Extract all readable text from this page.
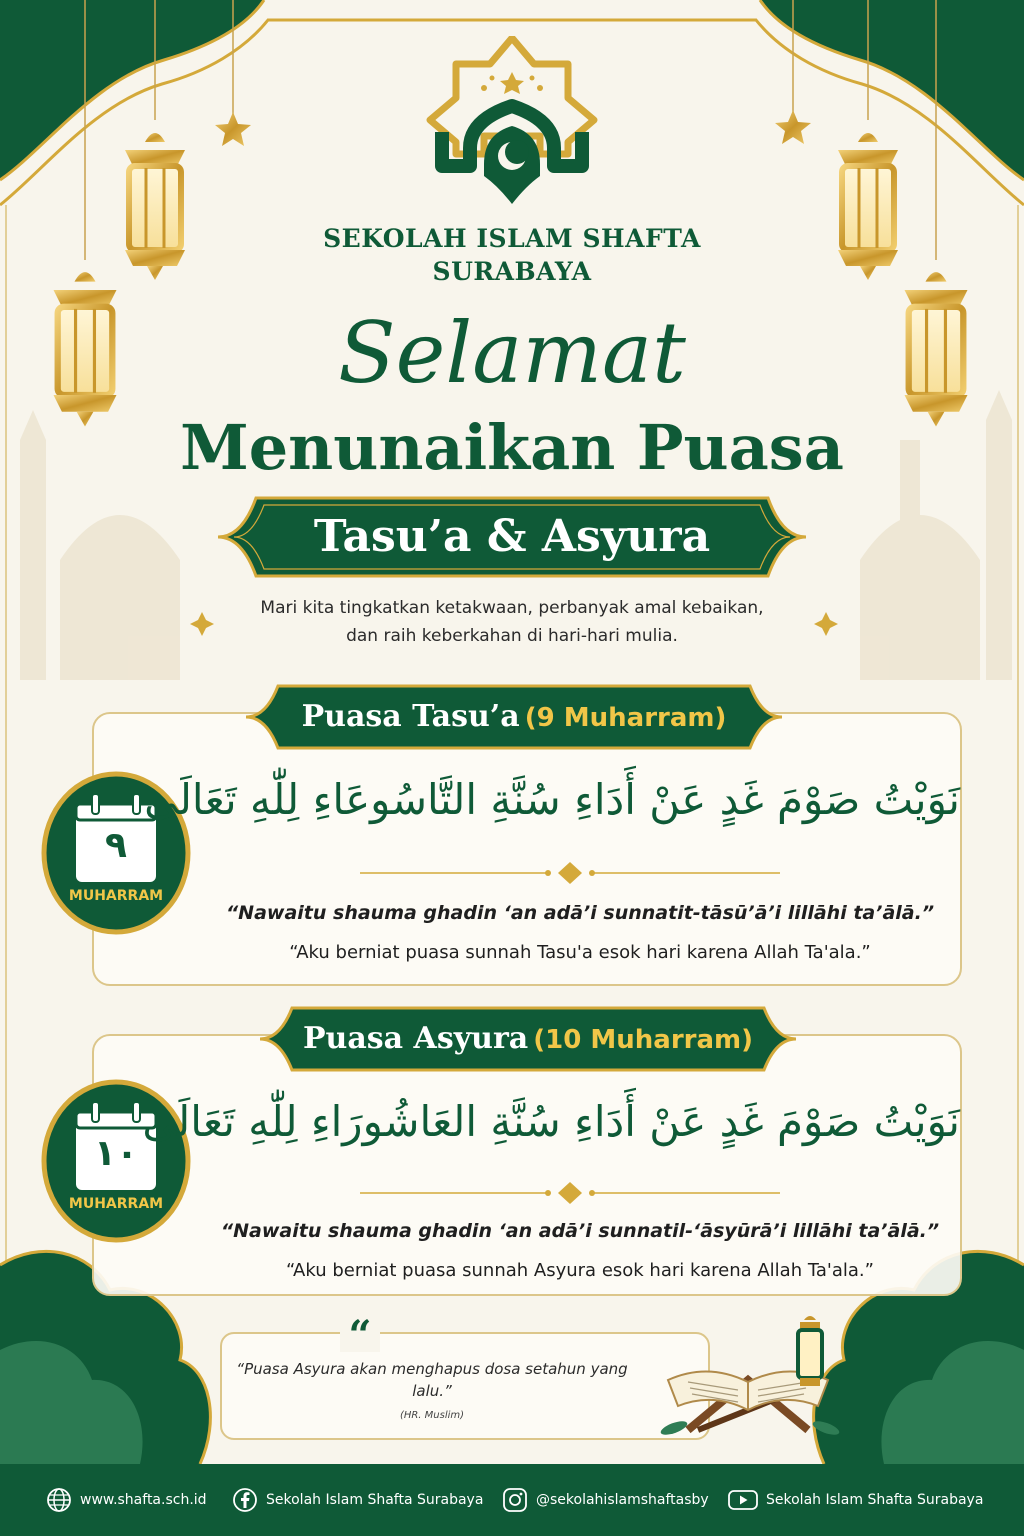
SEKOLAH ISLAM SHAFTA
SURABAYA
Selamat
Menunaikan Puasa
Tasu’a & Asyura
Mari kita tingkatkan ketakwaan, perbanyak amal kebaikan,
dan raih keberkahan di hari-hari mulia.
Puasa Tasu’a (9 Muharram)
٩
MUHARRAM
نَوَيْتُ صَوْمَ غَدٍ عَنْ أَدَاءِ سُنَّةِ التَّاسُوعَاءِ لِلّٰهِ تَعَالَى
“Nawaitu shauma ghadin ‘an adā’i sunnatit-tāsū’ā’i lillāhi ta’ālā.”
“Aku berniat puasa sunnah Tasu'a esok hari karena Allah Ta'ala.”
Puasa Asyura (10 Muharram)
١٠
MUHARRAM
نَوَيْتُ صَوْمَ غَدٍ عَنْ أَدَاءِ سُنَّةِ العَاشُورَاءِ لِلّٰهِ تَعَالَى
“Nawaitu shauma ghadin ‘an adā’i sunnatil-‘āsyūrā’i lillāhi ta’ālā.”
“Aku berniat puasa sunnah Asyura esok hari karena Allah Ta'ala.”
“
“Puasa Asyura akan menghapus dosa setahun yang lalu.”
(HR. Muslim)
www.shafta.sch.id	Sekolah Islam Shafta Surabaya	@sekolahislamshaftasby	Sekolah Islam Shafta Surabaya
